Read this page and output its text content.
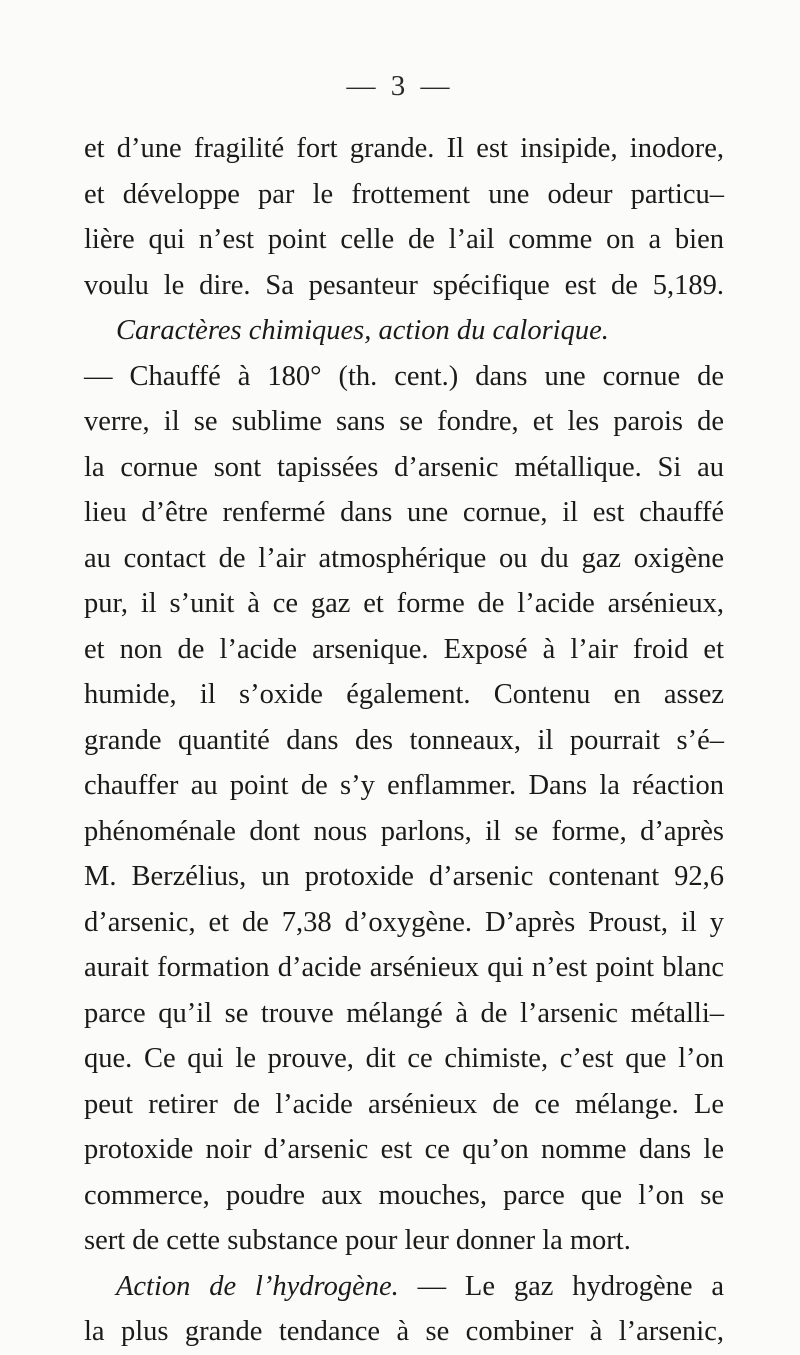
— 3 —
et d’une fragilité fort grande. Il est insipide, inodore,
et développe par le frottement une odeur particu–
lière qui n’est point celle de l’ail comme on a bien
voulu le dire. Sa pesanteur spécifique est de 5,189.
Caractères chimiques, action du calorique.
— Chauffé à 180° (th. cent.) dans une cornue de
verre, il se sublime sans se fondre, et les parois de
la cornue sont tapissées d’arsenic métallique. Si au
lieu d’être renfermé dans une cornue, il est chauffé
au contact de l’air atmosphérique ou du gaz oxigène
pur, il s’unit à ce gaz et forme de l’acide arsénieux,
et non de l’acide arsenique. Exposé à l’air froid et
humide, il s’oxide également. Contenu en assez
grande quantité dans des tonneaux, il pourrait s’é–
chauffer au point de s’y enflammer. Dans la réaction
phénoménale dont nous parlons, il se forme, d’après
M. Berzélius, un protoxide d’arsenic contenant 92,6
d’arsenic, et de 7,38 d’oxygène. D’après Proust, il y
aurait formation d’acide arsénieux qui n’est point blanc
parce qu’il se trouve mélangé à de l’arsenic métalli–
que. Ce qui le prouve, dit ce chimiste, c’est que l’on
peut retirer de l’acide arsénieux de ce mélange. Le
protoxide noir d’arsenic est ce qu’on nomme dans le
commerce, poudre aux mouches, parce que l’on se
sert de cette substance pour leur donner la mort.
Action de l’hydrogène. — Le gaz hydrogène a
la plus grande tendance à se combiner à l’arsenic,
